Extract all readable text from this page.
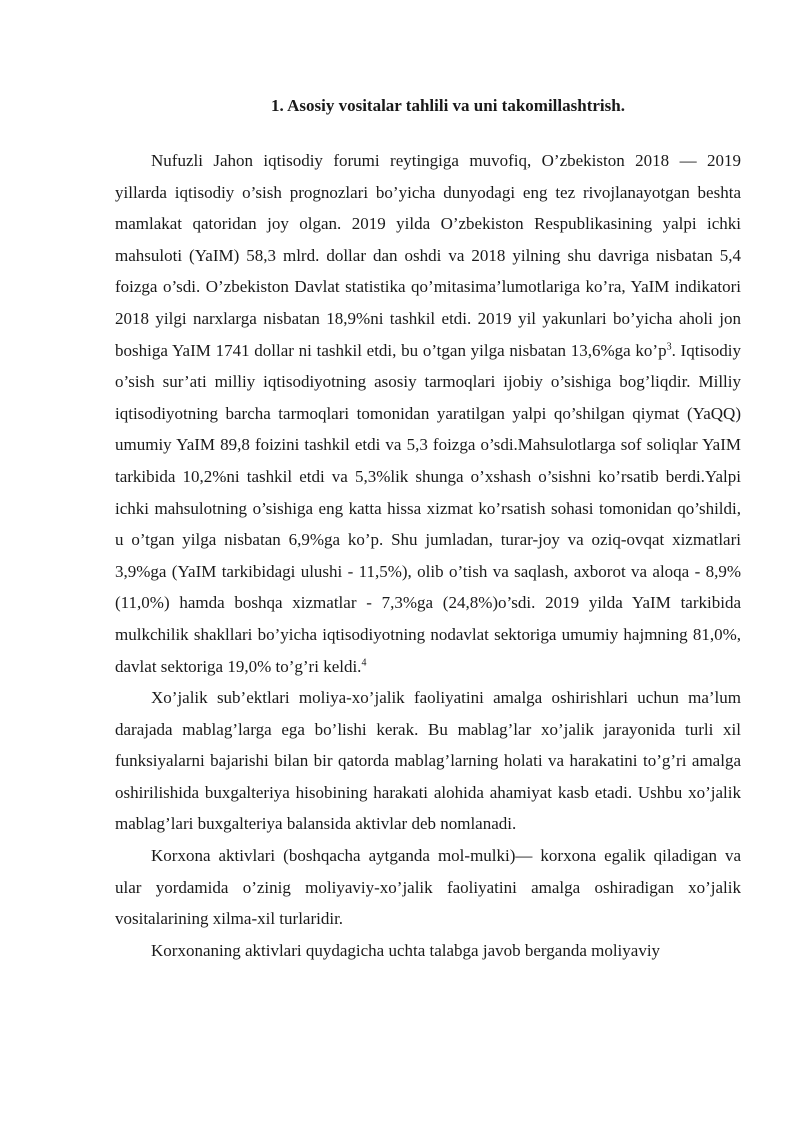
1. Asosiy vositalar tahlili va uni takomillashtrish.

Nufuzli Jahon iqtisodiy forumi reytingiga muvofiq, O’zbekiston 2018 — 2019 yillarda iqtisodiy o’sish prognozlari bo’yicha dunyodagi eng tez rivojlanayotgan beshta mamlakat qatoridan joy olgan. 2019 yilda O’zbekiston Respublikasining yalpi ichki mahsuloti (YaIM) 58,3 mlrd. dollar dan oshdi va 2018 yilning shu davriga nisbatan 5,4 foizga o’sdi. O’zbekiston Davlat statistika qo’mitasima’lumotlariga ko’ra, YaIM indikatori 2018 yilgi narxlarga nisbatan 18,9%ni tashkil etdi. 2019 yil yakunlari bo’yicha aholi jon boshiga YaIM 1741 dollar ni tashkil etdi, bu o’tgan yilga nisbatan 13,6%ga $ko’p^3$. Iqtisodiy o’sish sur’ati milliy iqtisodiyotning asosiy tarmoqlari ijobiy o’sishiga bog’liqdir. Milliy iqtisodiyotning barcha tarmoqlari tomonidan yaratilgan yalpi qo’shilgan qiymat (YaQQ) umumiy YaIM 89,8 foizini tashkil etdi va 5,3 foizga o’sdi.Mahsulotlarga sof soliqlar YaIM tarkibida 10,2%ni tashkil etdi va 5,3%lik shunga o’xshash o’sishni ko’rsatib berdi.Yalpi ichki mahsulotning o’sishiga eng katta hissa xizmat ko’rsatish sohasi tomonidan qo’shildi, u o’tgan yilga nisbatan 6,9%ga ko’p. Shu jumladan, turar-joy va oziq-ovqat xizmatlari 3,9%ga (YaIM tarkibidagi ulushi - 11,5%), olib o’tish va saqlash, axborot va aloqa - 8,9% (11,0%) hamda boshqa xizmatlar - 7,3%ga (24,8%)o’sdi. 2019 yilda YaIM tarkibida mulkchilik shakllari bo’yicha iqtisodiyotning nodavlat sektoriga umumiy hajmning 81,0%, davlat sektoriga 19,0% to’g’ri keldi.$^4$

Xo’jalik sub’ektlari moliya-xo’jalik faoliyatini amalga oshirishlari uchun ma’lum darajada mablag’larga ega bo’lishi kerak. Bu mablag’lar xo’jalik jarayonida turli xil funksiyalarni bajarishi bilan bir qatorda mablag’larning holati va harakatini to’g’ri amalga oshirilishida buxgalteriya hisobining harakati alohida ahamiyat kasb etadi. Ushbu xo’jalik mablag’lari buxgalteriya balansida aktivlar deb nomlanadi.

Korxona aktivlari (boshqacha aytganda mol-mulki)— korxona egalik qiladigan va ular yordamida o’zinig moliyaviy-xo’jalik faoliyatini amalga oshiradigan xo’jalik vositalarining xilma-xil turlaridir.

Korxonaning aktivlari quydagicha uchta talabga javob berganda moliyaviy
